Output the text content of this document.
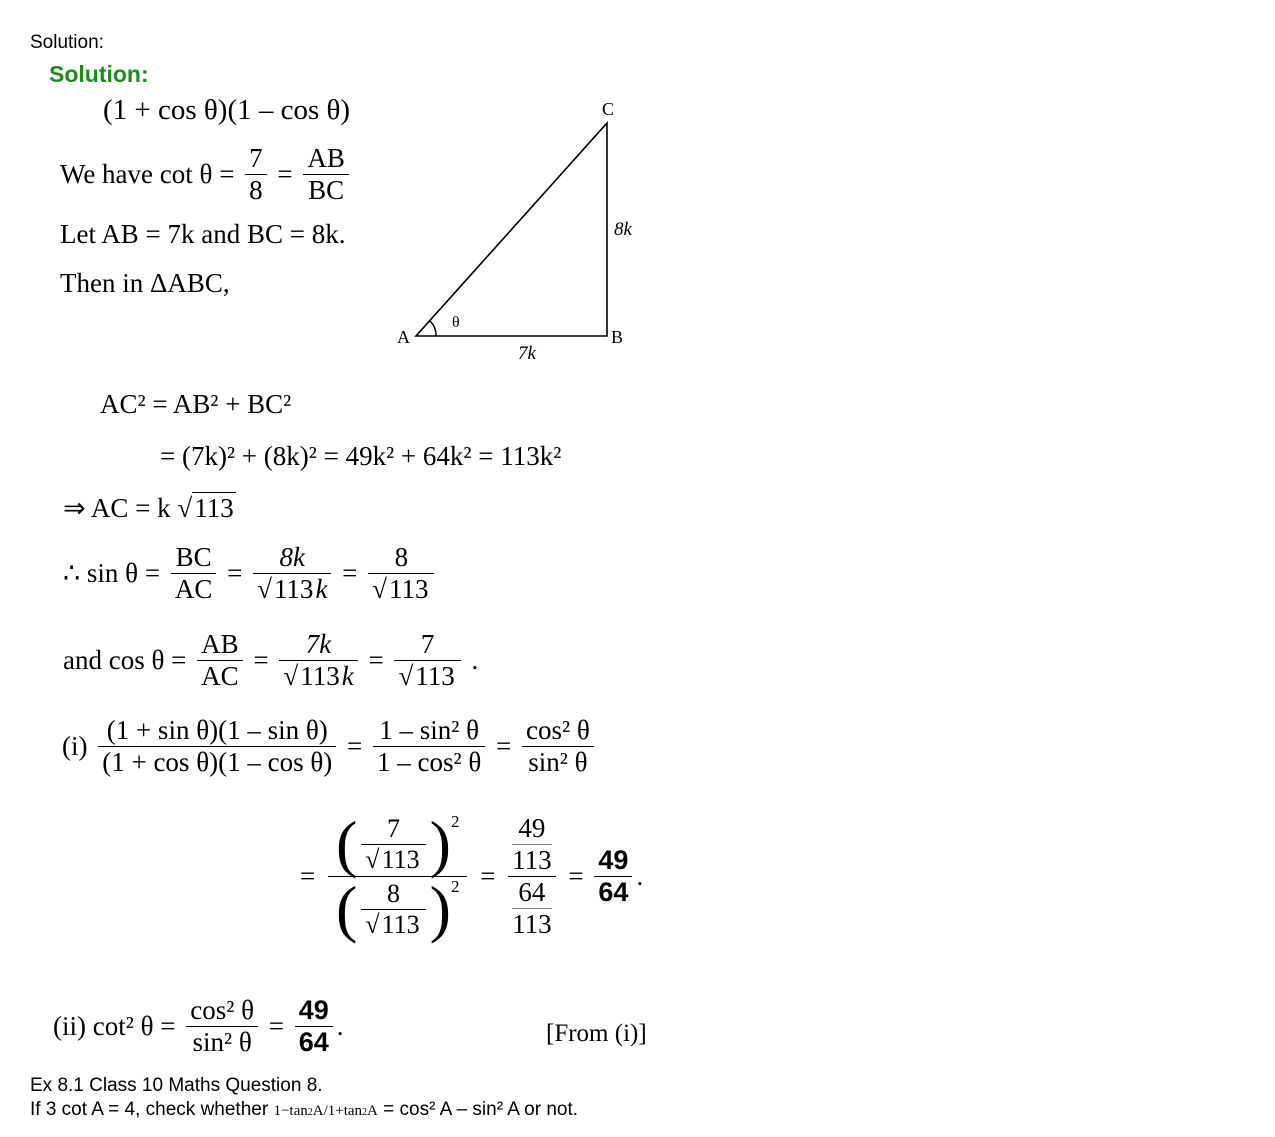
Solution:
Solution:
(1 + cos θ)(1 – cos θ)
We have $\cot \theta = \frac{7}{8} = \frac{AB}{BC}$
Let AB = 7k and BC = 8k.
Then in ΔABC,
A	B
C
θ
7k
8k
AC² = AB² + BC²
= (7k)² + (8k)² = 49k² + 64k² = 113k²
⇒ AC = k √113
∴ $\sin \theta = \frac{BC}{AC} = \frac{8k}{√113k} = \frac{8}{√113}$
and $\cos \theta = \frac{AB}{AC} = \frac{7k}{√113k} = \frac{7}{√113}$ .
$(i) \frac{\text{(1 + sin θ)(1 – sin θ)}}{\text{(1 + cos θ)(1 – cos θ)}} = \frac{\text{1 – sin² θ}}{\text{1 – cos² θ}} = \frac{\text{cos² θ}}{\text{sin² θ}}$
= $\frac{( \frac{7}{√113} )^2}{( \frac{8}{√113} )^2} = 49$
113
64
$113 = \frac{49}{64}$ .
(ii) cot² $\theta = \frac{\text{cos² θ}}{\text{sin² θ}} = \frac{49}{64}$ .	[From (i)]
Ex 8.1 Class 10 Maths Question 8.
If 3 cot A = 4, check whether 1−tan2A/1+tan2A = cos² A – sin² A or not.
